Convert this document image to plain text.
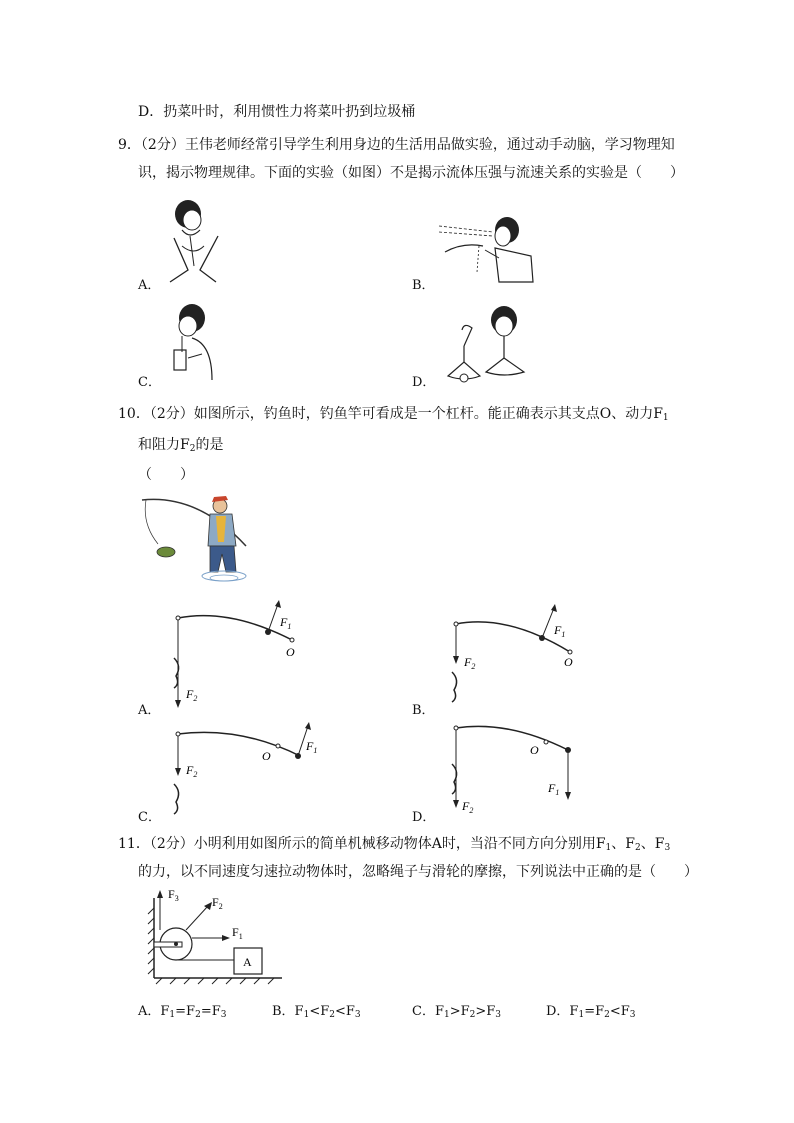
D．扔菜叶时，利用惯性力将菜叶扔到垃圾桶
9．（2分）王伟老师经常引导学生利用身边的生活用品做实验，通过动手动脑，学习物理知
识，揭示物理规律。下面的实验（如图）不是揭示流体压强与流速关系的实验是（　　）
A．	B．
C．	D．
10．（2分）如图所示，钓鱼时，钓鱼竿可看成是一个杠杆。能正确表示其支点O、动力$F_1$
和阻力$F_2$的是
（　　）
A．	B．
C．	D．
$F_1$
O
$F_2$
$F_1$
O
$F_2$
$F_1$
O
$F_2$
O
$F_1$
$F_2$
11．（2分）小明利用如图所示的简单机械移动物体A时，当沿不同方向分别用$F_1$、$F_2$、$F_3$
的力，以不同速度匀速拉动物体时，忽略绳子与滑轮的摩擦，下列说法中正确的是（　　）
A
$F_3$	$F_2$
$F_1$
A．$F_1=F_2=F_3$	B．$F_1<F_2<F_3$	C．$F_1>F_2>F_3$	D．$F_1=F_2<F_3$
